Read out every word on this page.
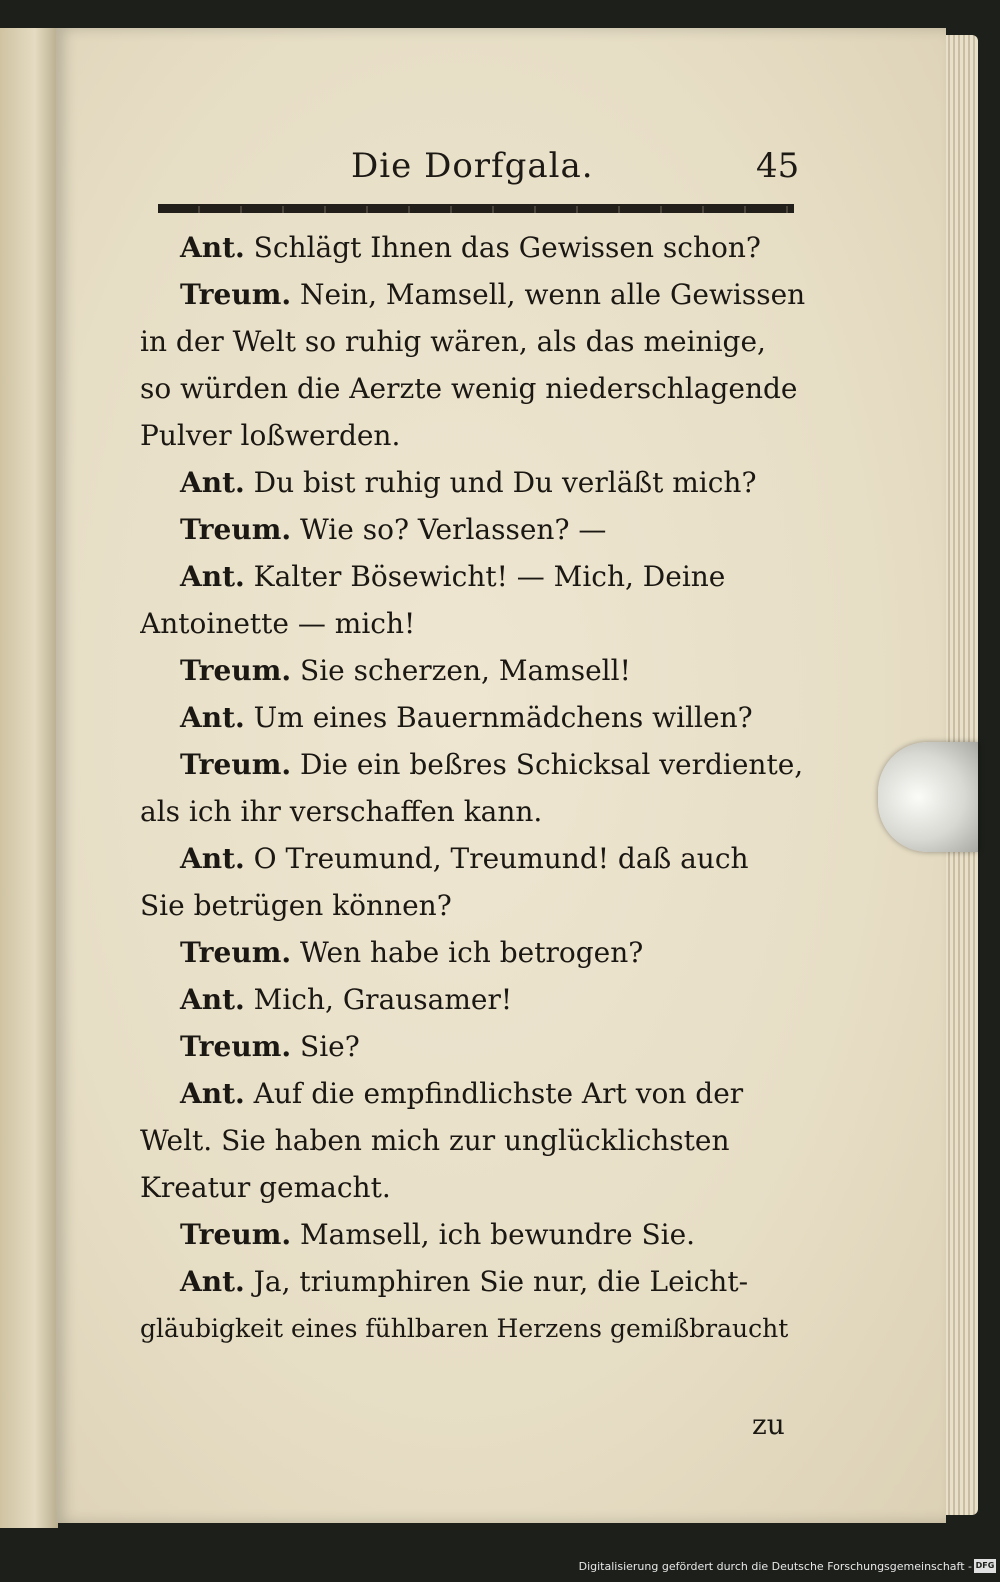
Die Dorfgala.	45
Ant. Schlägt Ihnen das Gewissen schon?
Treum. Nein, Mamsell, wenn alle Gewissen
in der Welt so ruhig wären, als das meinige,
so würden die Aerzte wenig niederschlagende
Pulver loßwerden.
Ant. Du bist ruhig und Du verläßt mich?
Treum. Wie so? Verlassen? —
Ant. Kalter Bösewicht! — Mich, Deine
Antoinette — mich!
Treum. Sie scherzen, Mamsell!
Ant. Um eines Bauernmädchens willen?
Treum. Die ein beßres Schicksal verdiente,
als ich ihr verschaffen kann.
Ant. O Treumund, Treumund! daß auch
Sie betrügen können?
Treum. Wen habe ich betrogen?
Ant. Mich, Grausamer!
Treum. Sie?
Ant. Auf die empfindlichste Art von der
Welt. Sie haben mich zur unglücklichsten
Kreatur gemacht.
Treum. Mamsell, ich bewundre Sie.
Ant. Ja, triumphiren Sie nur, die Leicht-
gläubigkeit eines fühlbaren Herzens gemißbraucht
zu
Digitalisierung gefördert durch die Deutsche Forschungsgemeinschaft - DFG
